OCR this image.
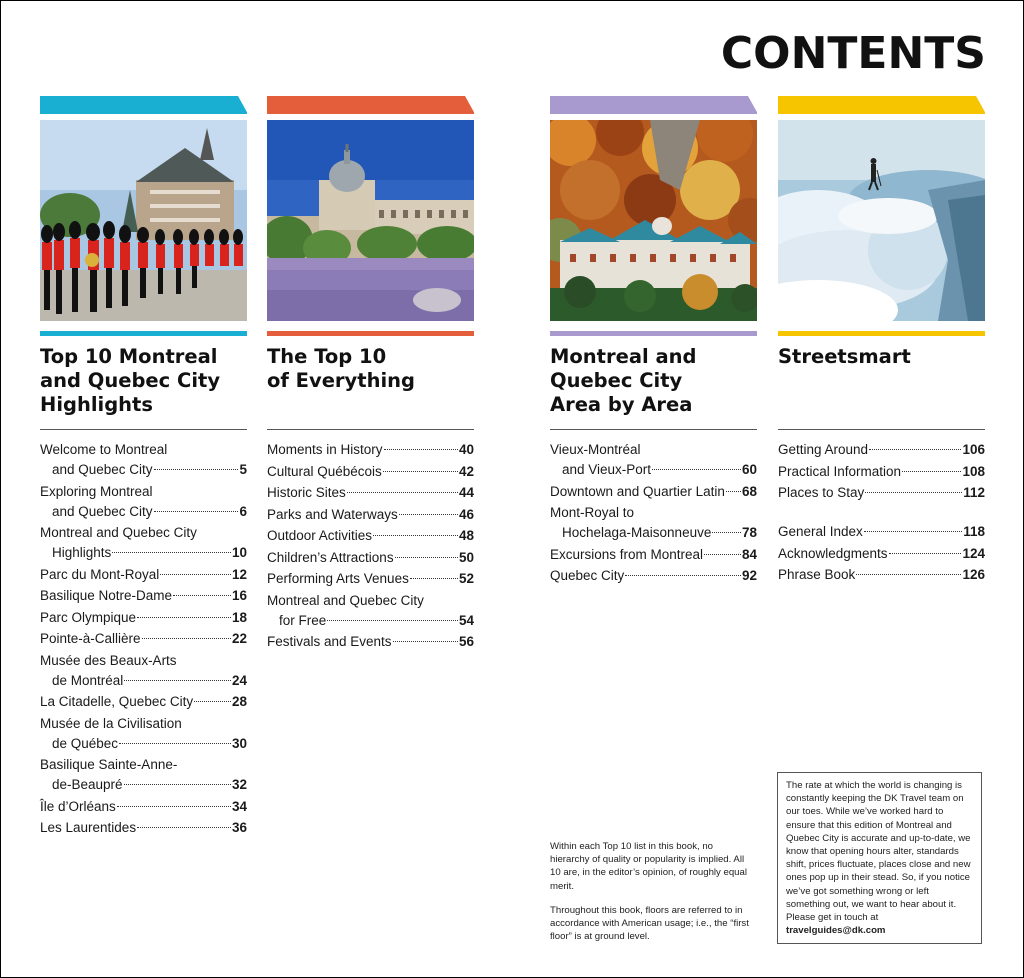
CONTENTS
Top 10 Montreal
and Quebec City
Highlights
Welcome to Montreal
and Quebec City	5
Exploring Montreal
and Quebec City	6
Montreal and Quebec City
Highlights	10
Parc du Mont-Royal	12
Basilique Notre-Dame	16
Parc Olympique	18
Pointe-à-Callière	22
Musée des Beaux-Arts
de Montréal	24
La Citadelle, Quebec City	28
Musée de la Civilisation
de Québec	30
Basilique Sainte-Anne-
de-Beaupré	32
Île d’Orléans	34
Les Laurentides	36
The Top 10
of Everything
Moments in History	40
Cultural Québécois	42
Historic Sites	44
Parks and Waterways	46
Outdoor Activities	48
Children’s Attractions	50
Performing Arts Venues	52
Montreal and Quebec City
for Free	54
Festivals and Events	56
Montreal and
Quebec City
Area by Area
Vieux-Montréal
and Vieux-Port	60
Downtown and Quartier Latin 68
Mont-Royal to
Hochelaga-Maisonneuve 78
Excursions from Montreal	84
Quebec City	92
Streetsmart
Getting Around	106
Practical Information	108
Places to Stay	112
General Index	118
Acknowledgments	124
Phrase Book	126

Within each Top 10 list in this book, no hierarchy of quality or popularity is implied. All 10 are, in the editor’s opinion, of roughly equal merit.

Throughout this book, floors are referred to in accordance with American usage; i.e., the “first floor” is at ground level.

The rate at which the world is changing is constantly keeping the DK Travel team on our toes. While we’ve worked hard to ensure that this edition of Montreal and Quebec City is accurate and up-to-date, we know that opening hours alter, standards shift, prices fluctuate, places close and new ones pop up in their stead. So, if you notice we’ve got something wrong or left something out, we want to hear about it. Please get in touch at travelguides@dk.com
